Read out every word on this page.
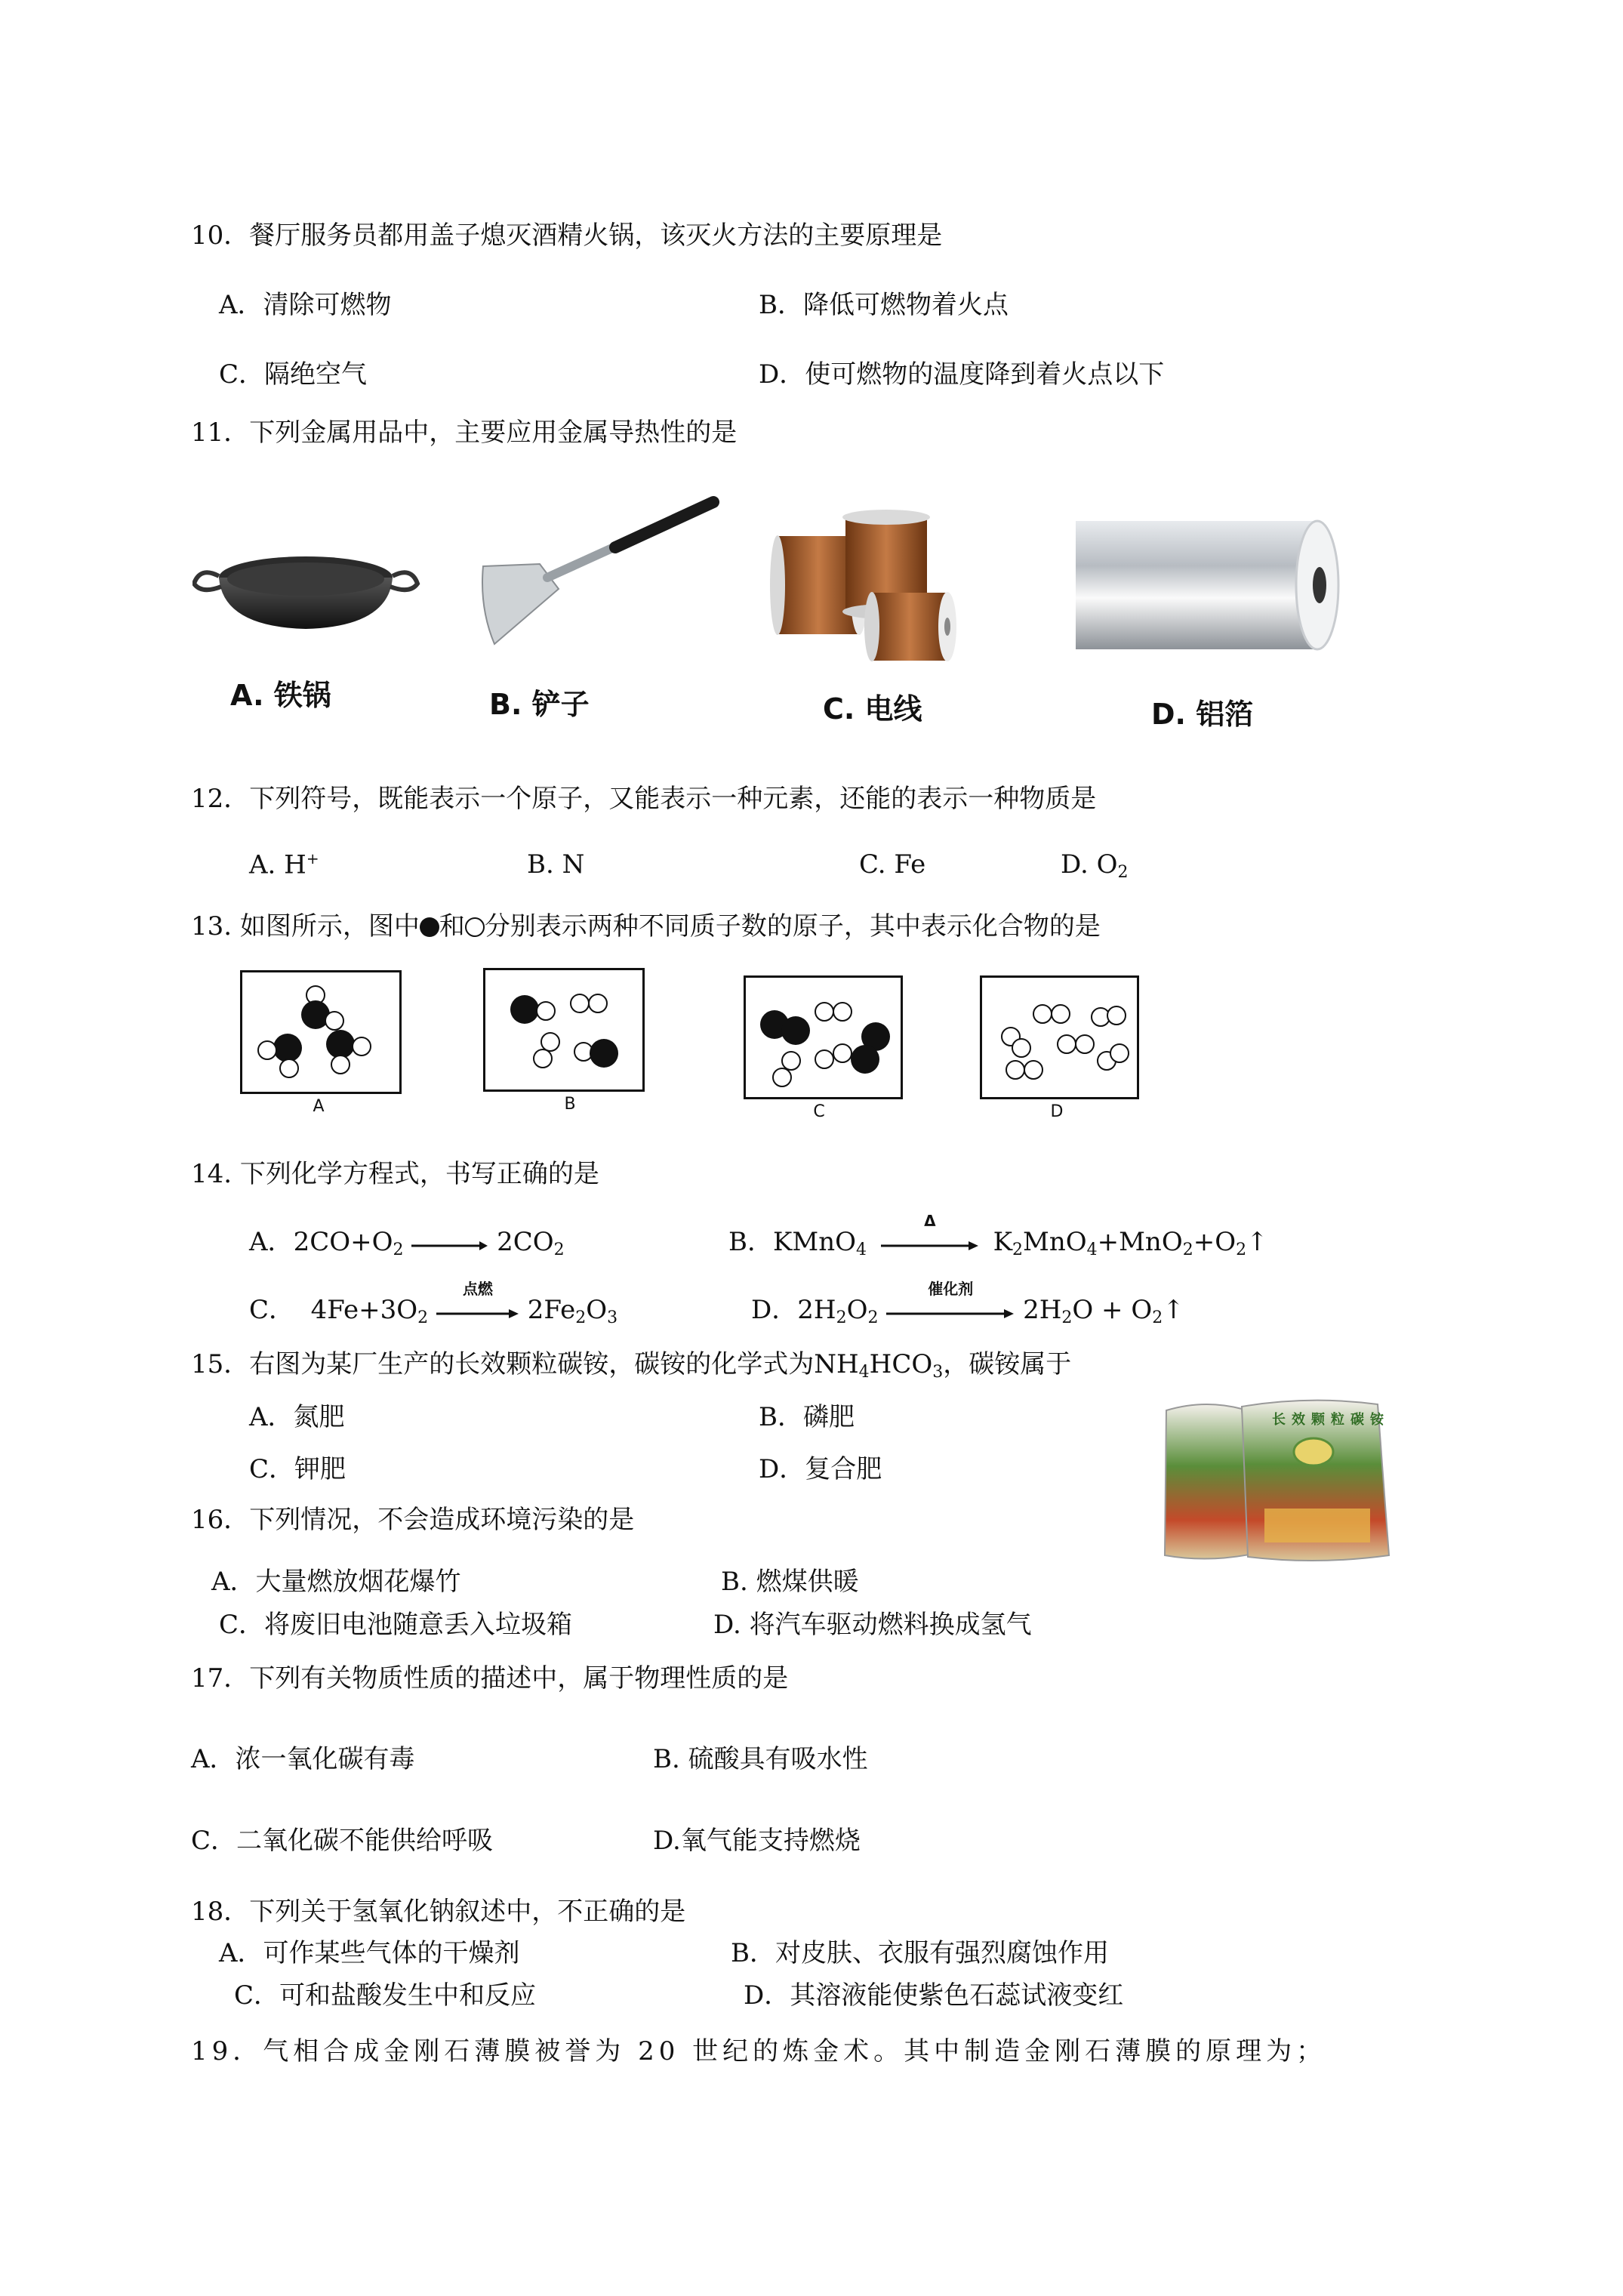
10．餐厅服务员都用盖子熄灭酒精火锅，该灭火方法的主要原理是
A．清除可燃物	B．降低可燃物着火点
C．隔绝空气	D．使可燃物的温度降到着火点以下
11．下列金属用品中，主要应用金属导热性的是
A. 铁锅	B. 铲子	C. 电线	D. 铝箔
12．下列符号，既能表示一个原子，又能表示一种元素，还能的表示一种物质是
A. H+	B. N	C. Fe	D. $O_2$
13. 如图所示，图中 和 分别表示两种不同质子数的原子，其中表示化合物的是
A	B	C	D
14. 下列化学方程式，书写正确的是
A．$2CO+O_2$	$2CO_2$	B．KMnO$_4$
Δ
$K_2MnO_4+MnO_2+O_2↑$
C． $4Fe+3O_2$
点燃
$2Fe_2O_3$	D．$2H_2O_2$
催化剂
$2H_2O$ + $O_2↑$
15．右图为某厂生产的长效颗粒碳铵，碳铵的化学式为$NH_4HCO_3$，碳铵属于
A．氮肥	B．磷肥
C．钾肥	D．复合肥
长效颗粒碳铵
16．下列情况，不会造成环境污染的是
A．大量燃放烟花爆竹	B. 燃煤供暖
C．将废旧电池随意丢入垃圾箱	D. 将汽车驱动燃料换成氢气
17．下列有关物质性质的描述中，属于物理性质的是
A．浓一氧化碳有毒	B. 硫酸具有吸水性
C．二氧化碳不能供给呼吸	D.氧气能支持燃烧
18．下列关于氢氧化钠叙述中，不正确的是
A．可作某些气体的干燥剂	B．对皮肤、衣服有强烈腐蚀作用
C．可和盐酸发生中和反应	D．其溶液能使紫色石蕊试液变红
19．气相合成金刚石薄膜被誉为 20 世纪的炼金术。其中制造金刚石薄膜的原理为；
